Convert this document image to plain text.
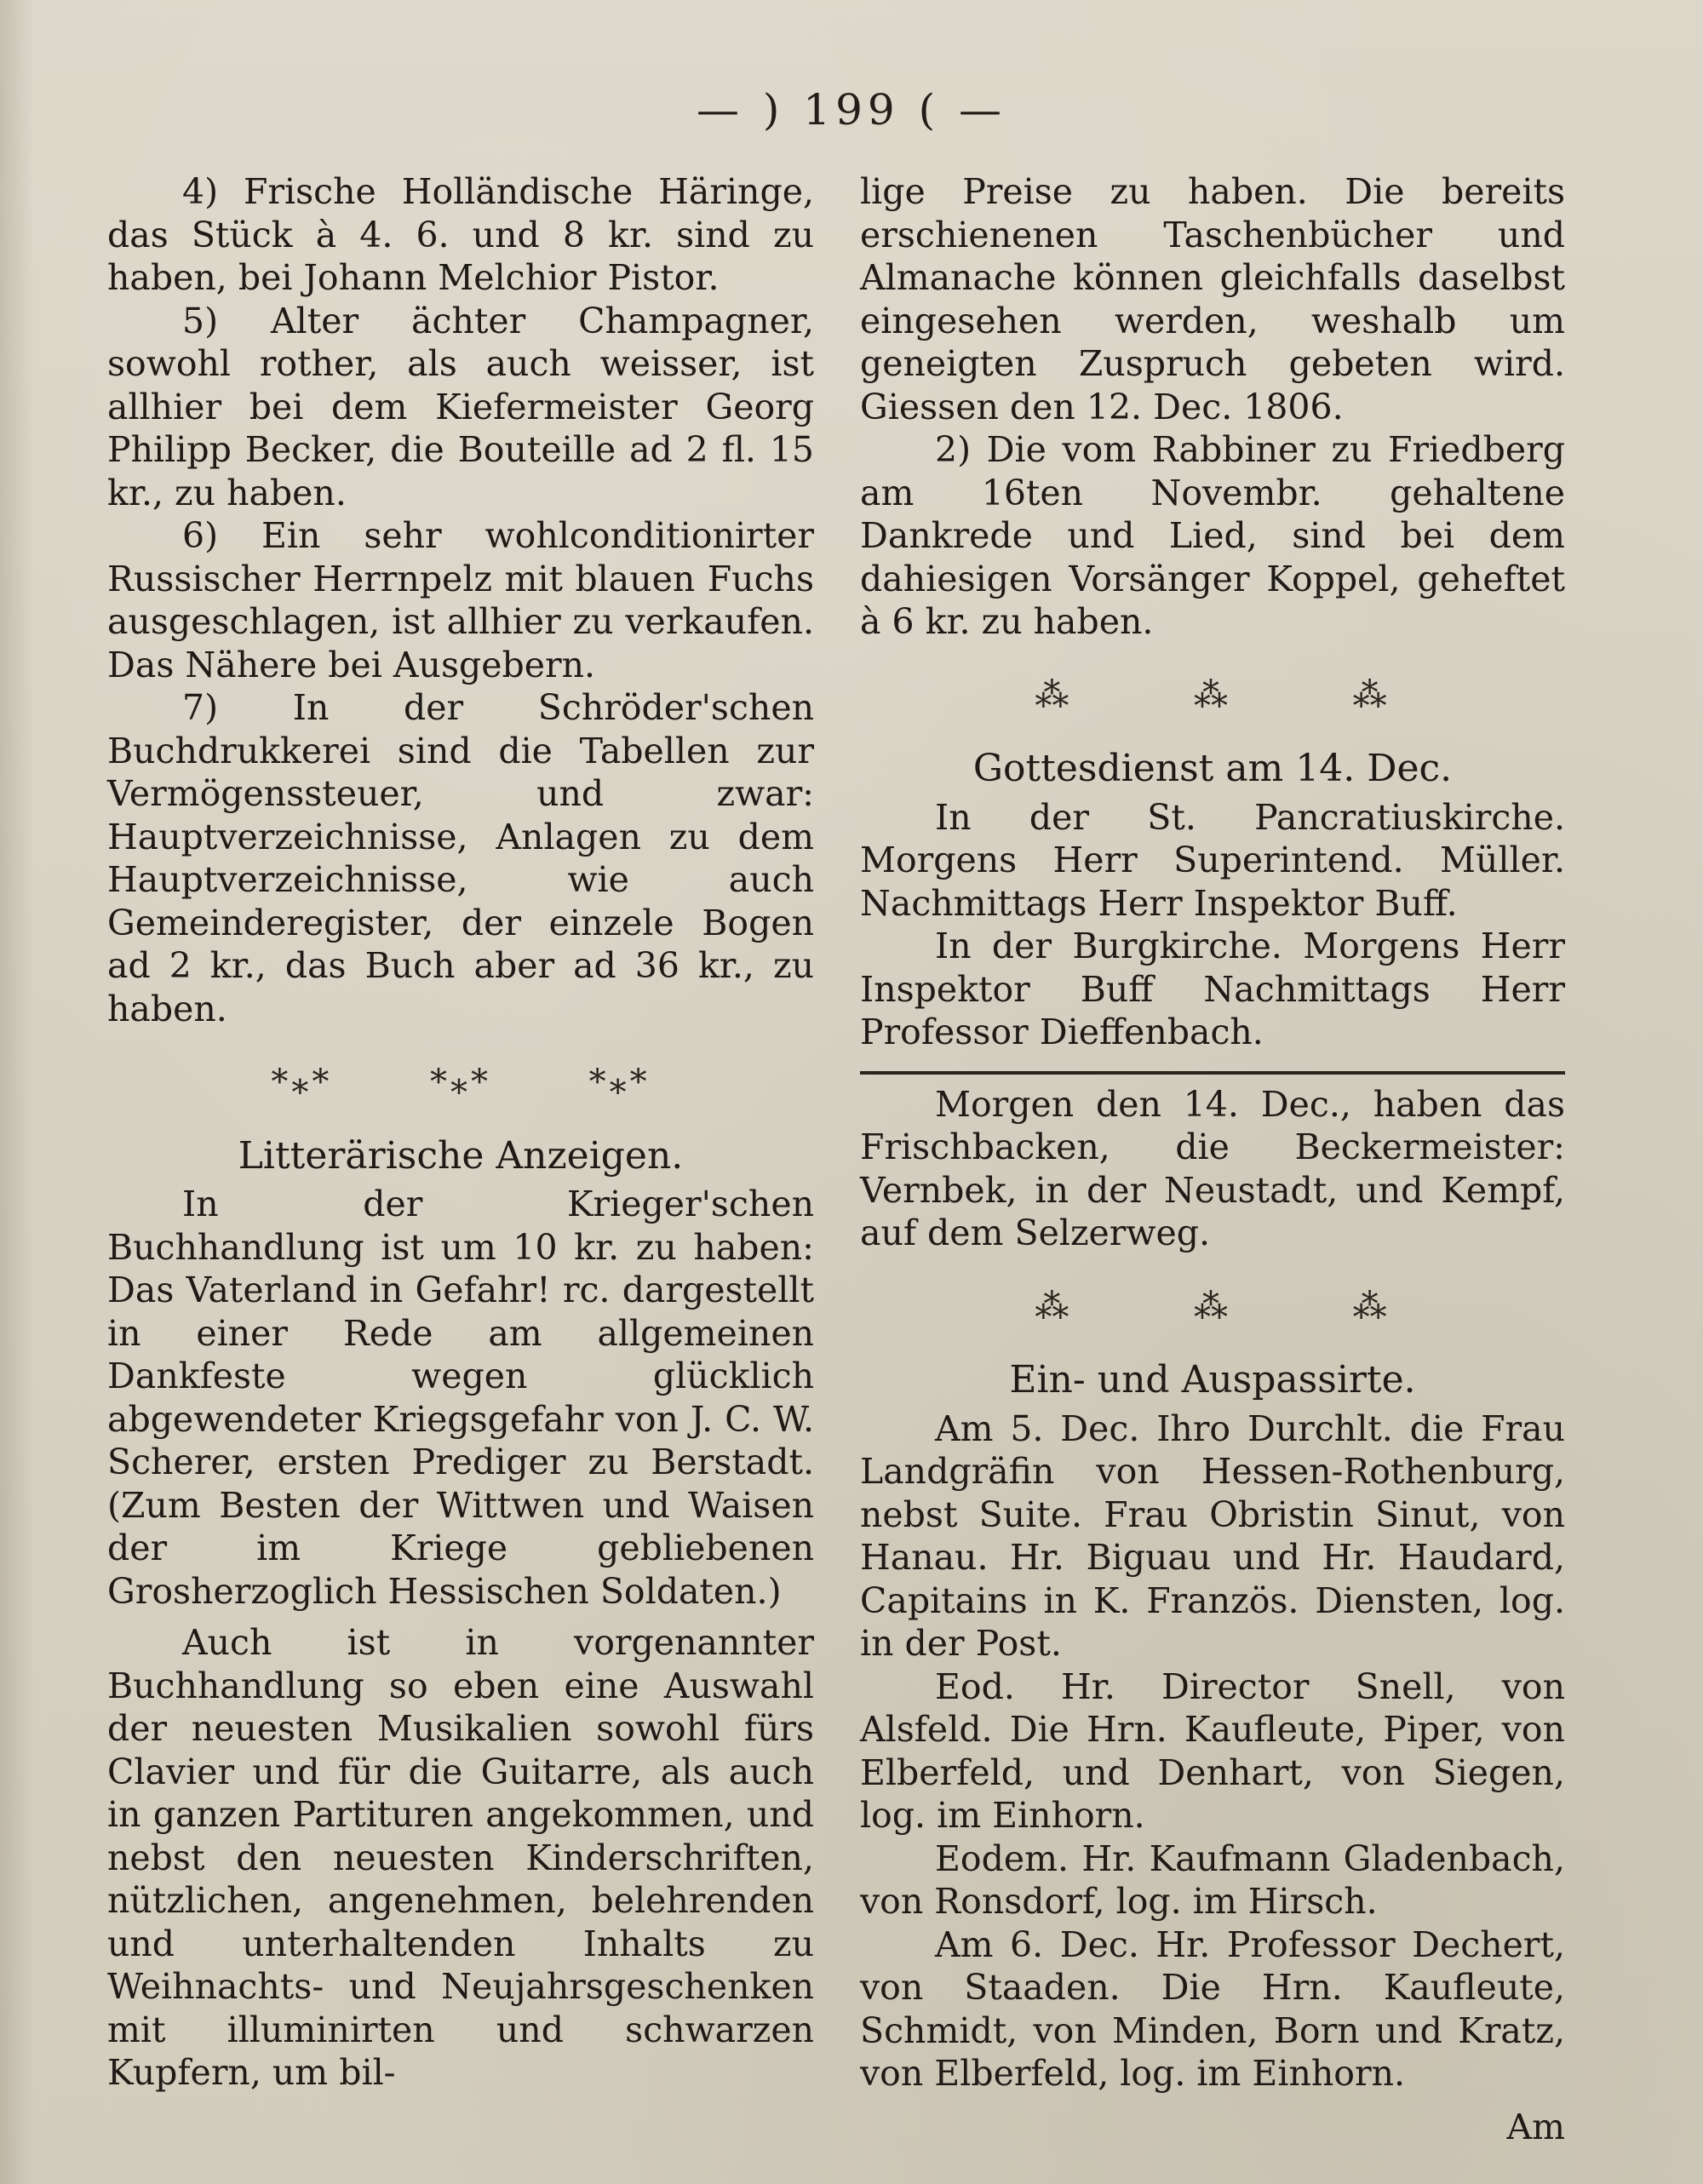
— ) 199 ( —

4) Frische Holländische Häringe, das Stück à 4. 6. und 8 kr. sind zu haben, bei Johann Melchior Pistor.

5) Alter ächter Champagner, sowohl rother, als auch weisser, ist allhier bei dem Kiefermeister Georg Philipp Becker, die Bouteille ad 2 fl. 15 kr., zu haben.

6) Ein sehr wohlconditionirter Russischer Herrnpelz mit blauen Fuchs ausgeschlagen, ist allhier zu verkaufen. Das Nähere bei Ausgebern.

7) In der Schröder'schen Buchdrukkerei sind die Tabellen zur Vermögenssteuer, und zwar: Hauptverzeichnisse, Anlagen zu dem Hauptverzeichnisse, wie auch Gemeinderegister, der einzele Bogen ad 2 kr., das Buch aber ad 36 kr., zu haben.

*⁎*	*⁎*	*⁎*
Litterärische Anzeigen.

In der Krieger'schen Buchhandlung ist um 10 kr. zu haben: Das Vaterland in Gefahr! rc. dargestellt in einer Rede am allgemeinen Dankfeste wegen glücklich abgewendeter Kriegsgefahr von J. C. W. Scherer, ersten Prediger zu Berstadt. (Zum Besten der Wittwen und Waisen der im Kriege gebliebenen Grosherzoglich Hessischen Soldaten.)

Auch ist in vorgenannter Buchhandlung so eben eine Auswahl der neuesten Musikalien sowohl fürs Clavier und für die Guitarre, als auch in ganzen Partituren angekommen, und nebst den neuesten Kinderschriften, nützlichen, angenehmen, belehrenden und unterhaltenden Inhalts zu Weihnachts- und Neujahrsgeschenken mit illuminirten und schwarzen Kupfern, um bil-

lige Preise zu haben. Die bereits erschienenen Taschenbücher und Almanache können gleichfalls daselbst eingesehen werden, weshalb um geneigten Zuspruch gebeten wird. Giessen den 12. Dec. 1806.

2) Die vom Rabbiner zu Friedberg am 16ten Novembr. gehaltene Dankrede und Lied, sind bei dem dahiesigen Vorsänger Koppel, geheftet à 6 kr. zu haben.

⁂	⁂	⁂
Gottesdienst am 14. Dec.

In der St. Pancratiuskirche. Morgens Herr Superintend. Müller. Nachmittags Herr Inspektor Buff.

In der Burgkirche. Morgens Herr Inspektor Buff Nachmittags Herr Professor Dieffenbach.

Morgen den 14. Dec., haben das Frischbacken, die Beckermeister: Vernbek, in der Neustadt, und Kempf, auf dem Selzerweg.

⁂	⁂	⁂
Ein- und Auspassirte.

Am 5. Dec. Ihro Durchlt. die Frau Landgräfin von Hessen-Rothenburg, nebst Suite. Frau Obristin Sinut, von Hanau. Hr. Biguau und Hr. Haudard, Capitains in K. Französ. Diensten, log. in der Post.

Eod. Hr. Director Snell, von Alsfeld. Die Hrn. Kaufleute, Piper, von Elberfeld, und Denhart, von Siegen, log. im Einhorn.

Eodem. Hr. Kaufmann Gladenbach, von Ronsdorf, log. im Hirsch.

Am 6. Dec. Hr. Professor Dechert, von Staaden. Die Hrn. Kaufleute, Schmidt, von Minden, Born und Kratz, von Elberfeld, log. im Einhorn.

Am
